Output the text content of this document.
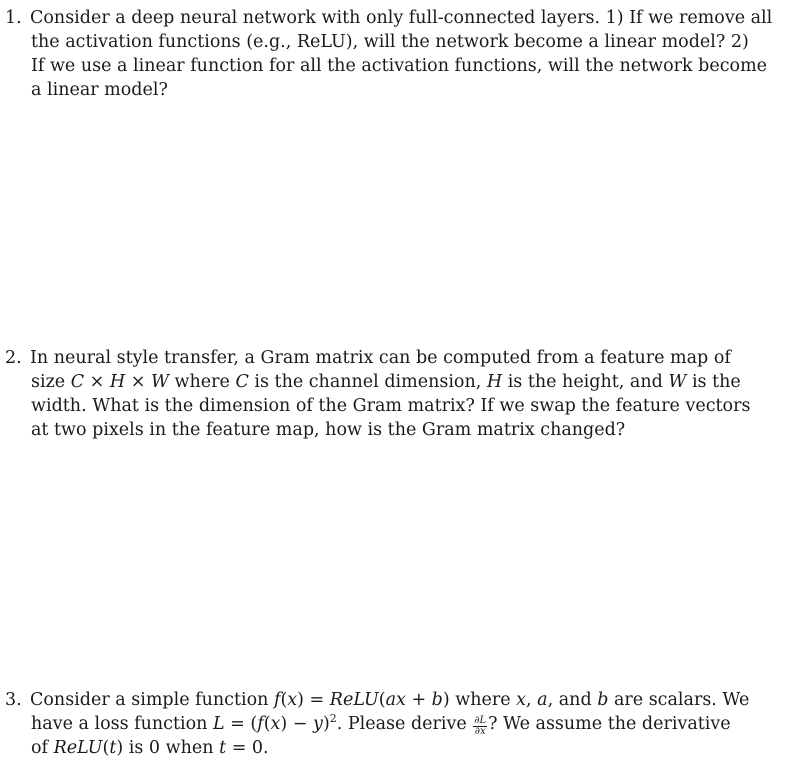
1. Consider a deep neural network with only full-connected layers. 1) If we remove all
the activation functions (e.g., ReLU), will the network become a linear model? 2)
If we use a linear function for all the activation functions, will the network become
a linear model?
2. In neural style transfer, a Gram matrix can be computed from a feature map of
size C × H × W where C is the channel dimension, H is the height, and W is the
width. What is the dimension of the Gram matrix? If we swap the feature vectors
at two pixels in the feature map, how is the Gram matrix changed?
3. Consider a simple function f(x) = ReLU(ax + b) where x, a, and b are scalars. We
have a loss function $L = (f(x) - y)^2$. Please derive $\frac{\partial L}{\partial x}$ ? We assume the derivative
of ReLU(t) is 0 when t = 0.
